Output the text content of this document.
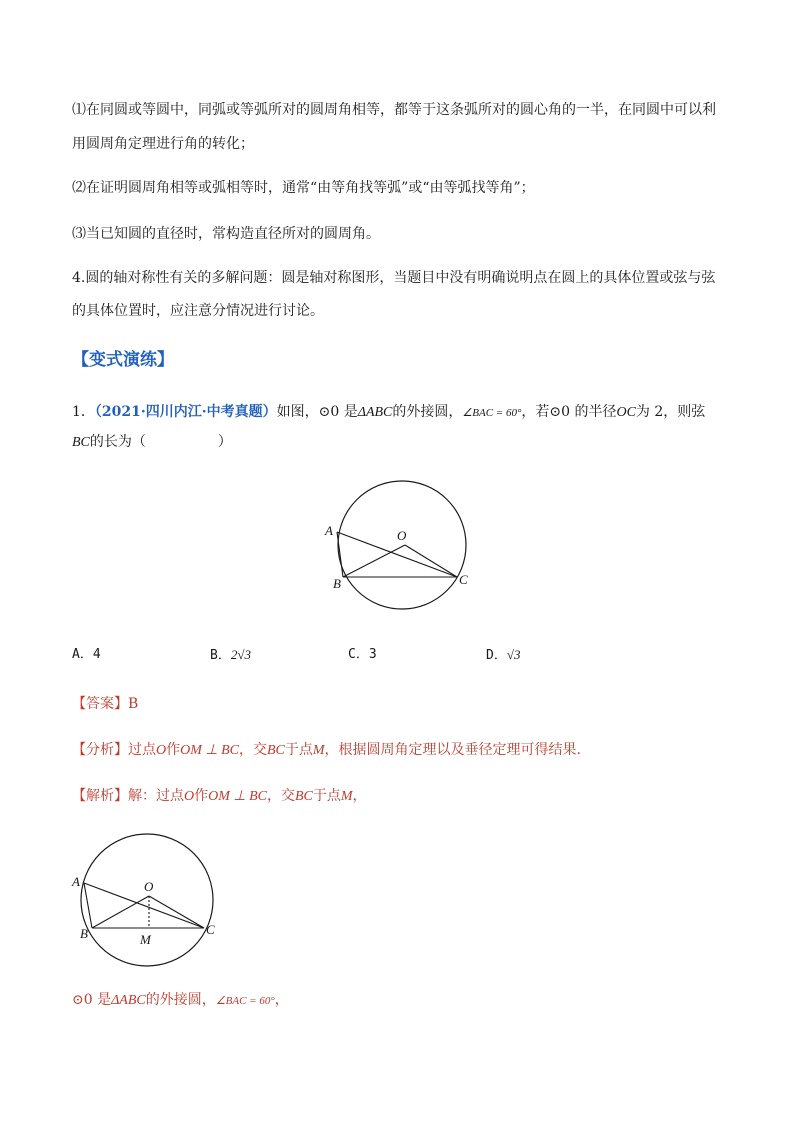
⑴在同圆或等圆中，同弧或等弧所对的圆周角相等，都等于这条弧所对的圆心角的一半，在同圆中可以利
用圆周角定理进行角的转化；
⑵在证明圆周角相等或弧相等时，通常“由等角找等弧”或“由等弧找等角”；
⑶当已知圆的直径时，常构造直径所对的圆周角。
4.圆的轴对称性有关的多解问题：圆是轴对称图形，当题目中没有明确说明点在圆上的具体位置或弦与弦
的具体位置时，应注意分情况进行讨论。
【变式演练】
1．（2021·四川内江·中考真题）如图，⊙0 是ΔABC的外接圆，∠BAC = 60°，若⊙0 的半径OC为 2，则弦
BC的长为（	）
A
B	C
O
A
B	C
O
M
A．4	B．2√3	C．3	D．√3
【答案】B
【分析】过点O作OM ⊥ BC，交BC于点M，根据圆周角定理以及垂径定理可得结果.
【解析】解：过点O作OM ⊥ BC，交BC于点M，
⊙0 是ΔABC的外接圆，∠BAC = 60°，
